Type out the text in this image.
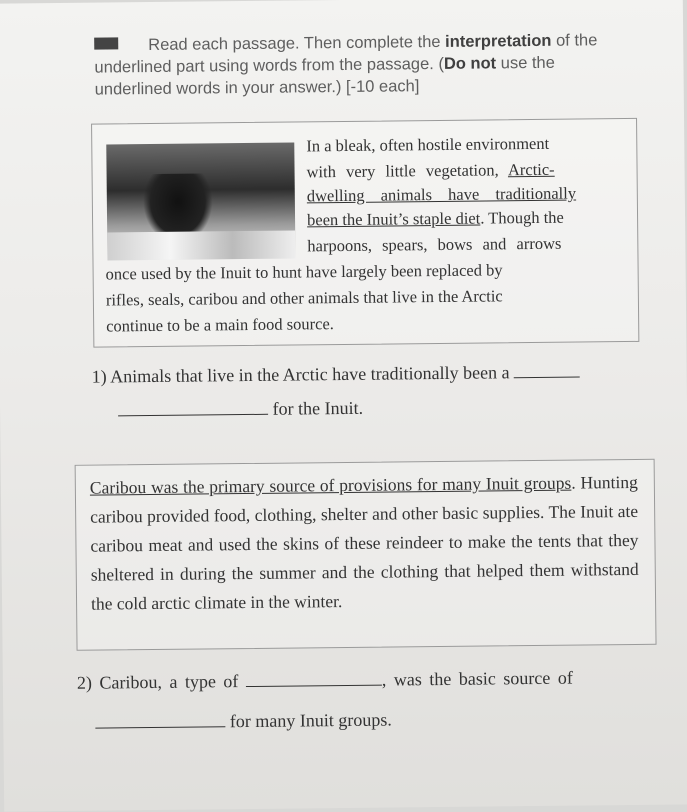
Read each passage. Then complete the interpretation of the underlined part using words from the passage. (Do not use the underlined words in your answer.) [-10 each]
In a bleak, often hostile environment
with very little vegetation, Arctic-
dwelling animals have traditionally
been the Inuit’s staple diet. Though the
harpoons, spears, bows and arrows
once used by the Inuit to hunt have largely been replaced by
rifles, seals, caribou and other animals that live in the Arctic
continue to be a main food source.
1) Animals that live in the Arctic have traditionally been a
for the Inuit.
Caribou was the primary source of provisions for many Inuit groups. Hunting caribou provided food, clothing, shelter and other basic supplies. The Inuit ate caribou meat and used the skins of these reindeer to make the tents that they sheltered in during the summer and the clothing that helped them withstand the cold arctic climate in the winter.
2) Caribou, a type of	, was the basic source of
for many Inuit groups.
